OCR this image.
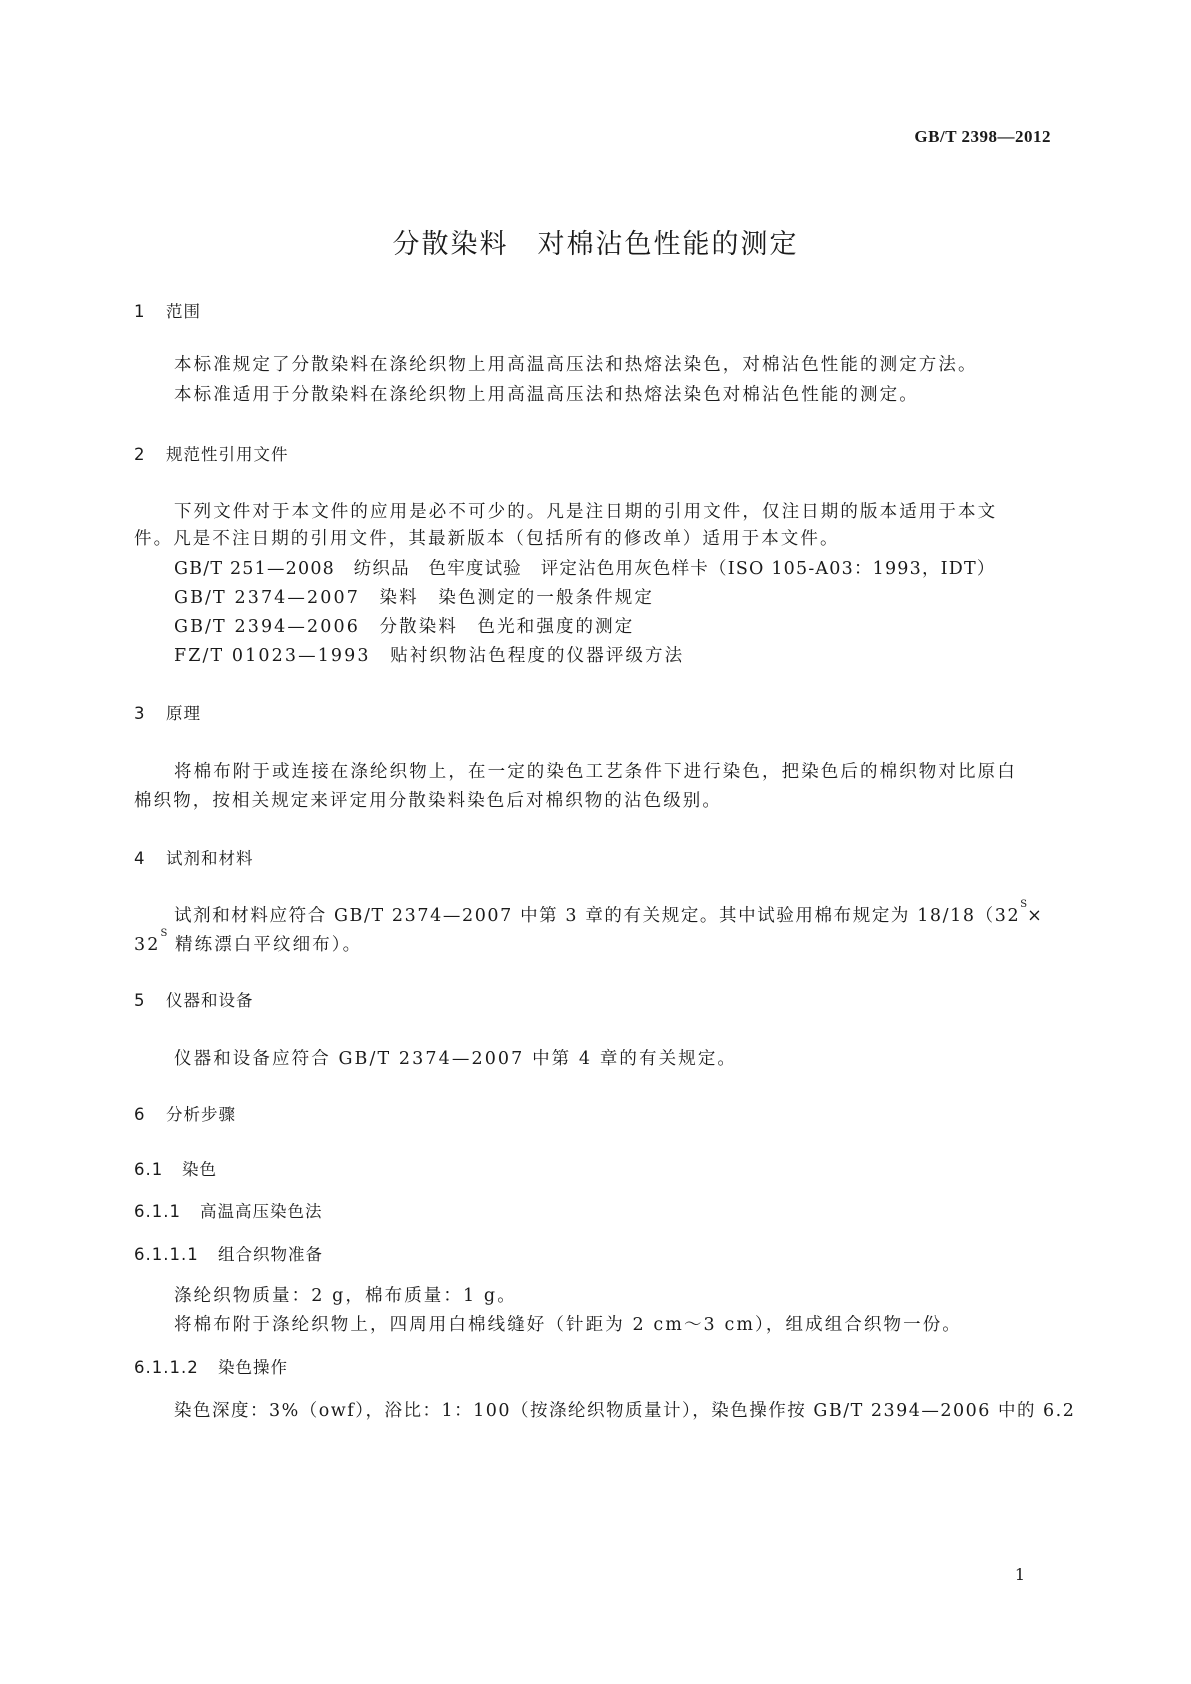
GB/T 2398—2012
分散染料　对棉沾色性能的测定
1 范围
本标准规定了分散染料在涤纶织物上用高温高压法和热熔法染色，对棉沾色性能的测定方法。
本标准适用于分散染料在涤纶织物上用高温高压法和热熔法染色对棉沾色性能的测定。
2 规范性引用文件
下列文件对于本文件的应用是必不可少的。凡是注日期的引用文件，仅注日期的版本适用于本文
件。凡是不注日期的引用文件，其最新版本（包括所有的修改单）适用于本文件。
GB/T 251—2008　纺织品　色牢度试验　评定沾色用灰色样卡（ISO 105-A03：1993，IDT）
GB/T 2374—2007　染料　染色测定的一般条件规定
GB/T 2394—2006　分散染料　色光和强度的测定
FZ/T 01023—1993　贴衬织物沾色程度的仪器评级方法
3 原理
将棉布附于或连接在涤纶织物上，在一定的染色工艺条件下进行染色，把染色后的棉织物对比原白
棉织物，按相关规定来评定用分散染料染色后对棉织物的沾色级别。
4 试剂和材料
试剂和材料应符合 GB/T 2374—2007 中第 3 章的有关规定。其中试验用棉布规定为 $18/18(32^S\times$
$32^S$ 精练漂白平纹细布）。
5 仪器和设备
仪器和设备应符合 GB/T 2374—2007 中第 4 章的有关规定。
6 分析步骤
6.1 染色
6.1.1 高温高压染色法
6.1.1.1 组合织物准备
涤纶织物质量：2 g，棉布质量：1 g。
将棉布附于涤纶织物上，四周用白棉线缝好（针距为 2 cm～3 cm），组成组合织物一份。
6.1.1.2 染色操作
染色深度：3%（owf），浴比：1：100（按涤纶织物质量计），染色操作按 GB/T 2394—2006 中的 6.2
1
